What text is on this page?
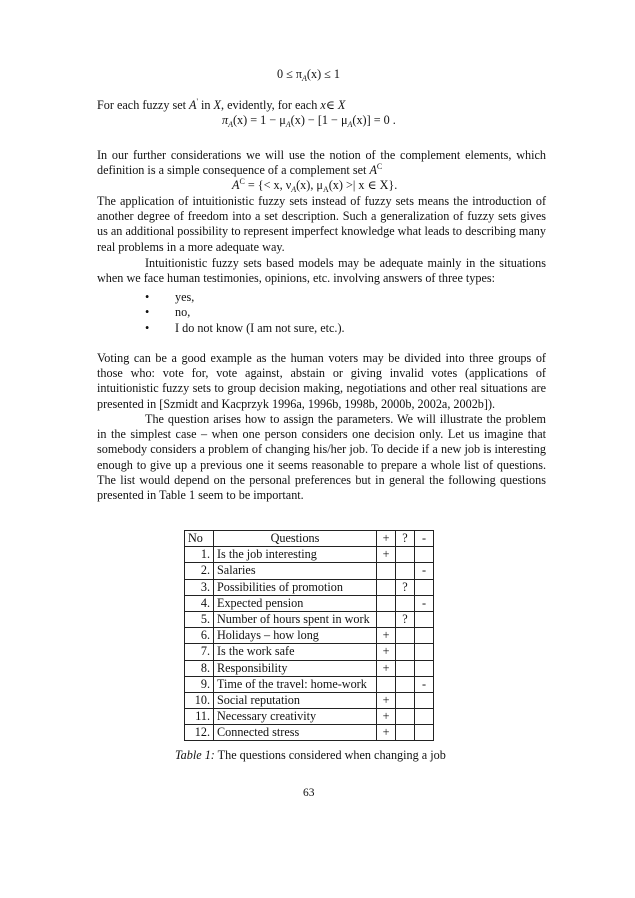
$0 \le \pi_A(x) \le 1$
For each fuzzy set A' in X, evidently, for each x∈ X
$\pi_A(x) = 1 - \mu_A(x) - [1 - \mu_A(x)] = 0$ .
In our further considerations we will use the notion of the complement elements, which definition is a simple consequence of a complement set $A^C$
$A^C$ = {< x, $\nu_A(x)$, $\mu_A(x)$ >| x ∈ X}.
The application of intuitionistic fuzzy sets instead of fuzzy sets means the introduction of another degree of freedom into a set description. Such a generalization of fuzzy sets gives us an additional possibility to represent imperfect knowledge what leads to describing many real problems in a more adequate way.
Intuitionistic fuzzy sets based models may be adequate mainly in the situations when we face human testimonies, opinions, etc. involving answers of three types:
• yes,
• no,
• I do not know (I am not sure, etc.).
Voting can be a good example as the human voters may be divided into three groups of those who: vote for, vote against, abstain or giving invalid votes (applications of intuitionistic fuzzy sets to group decision making, negotiations and other real situations are presented in [Szmidt and Kacprzyk 1996a, 1996b, 1998b, 2000b, 2002a, 2002b]).
The question arises how to assign the parameters. We will illustrate the problem in the simplest case – when one person considers one decision only. Let us imagine that somebody considers a problem of changing his/her job. To decide if a new job is interesting enough to give up a previous one it seems reasonable to prepare a whole list of questions. The list would depend on the personal preferences but in general the following questions presented in Table 1 seem to be important.
No	Questions	+	?	-
1.	Is the job interesting	+		
2.	Salaries			-
3.	Possibilities of promotion		?	
4.	Expected pension			-
5.	Number of hours spent in work		?	
6.	Holidays – how long	+		
7.	Is the work safe	+		
8.	Responsibility	+		
9.	Time of the travel: home-work			-
10.	Social reputation	+		
11.	Necessary creativity	+		
12.	Connected stress	+		
Table 1: The questions considered when changing a job
63
